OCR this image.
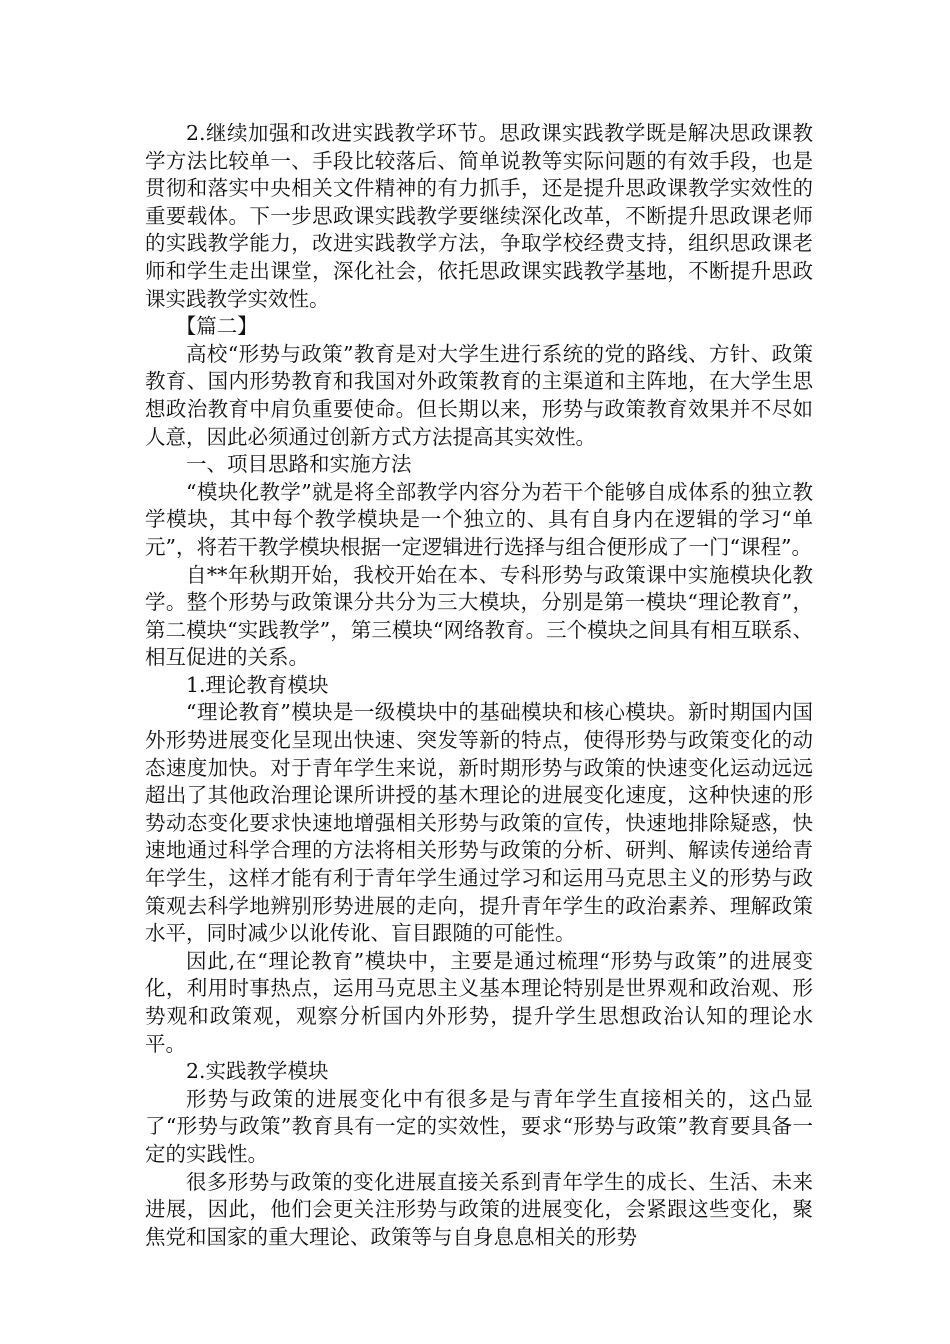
2.继续加强和改进实践教学环节。思政课实践教学既是解决思政课教学方法比较单一、手段比较落后、简单说教等实际问题的有效手段，也是贯彻和落实中央相关文件精神的有力抓手，还是提升思政课教学实效性的重要载体。下一步思政课实践教学要继续深化改革，不断提升思政课老师的实践教学能力，改进实践教学方法，争取学校经费支持，组织思政课老师和学生走出课堂，深化社会，依托思政课实践教学基地，不断提升思政课实践教学实效性。

【篇二】

高校“形势与政策”教育是对大学生进行系统的党的路线、方针、政策教育、国内形势教育和我国对外政策教育的主渠道和主阵地，在大学生思想政治教育中肩负重要使命。但长期以来，形势与政策教育效果并不尽如人意，因此必须通过创新方式方法提高其实效性。

一、项目思路和实施方法

“模块化教学”就是将全部教学内容分为若干个能够自成体系的独立教学模块，其中每个教学模块是一个独立的、具有自身内在逻辑的学习“单元”，将若干教学模块根据一定逻辑进行选择与组合便形成了一门“课程”。

自**年秋期开始，我校开始在本、专科形势与政策课中实施模块化教学。整个形势与政策课分共分为三大模块，分别是第一模块“理论教育”，第二模块“实践教学”，第三模块“网络教育。三个模块之间具有相互联系、相互促进的关系。

1.理论教育模块

“理论教育”模块是一级模块中的基础模块和核心模块。新时期国内国外形势进展变化呈现出快速、突发等新的特点，使得形势与政策变化的动态速度加快。对于青年学生来说，新时期形势与政策的快速变化运动远远超出了其他政治理论课所讲授的基木理论的进展变化速度，这种快速的形势动态变化要求快速地增强相关形势与政策的宣传，快速地排除疑惑，快速地通过科学合理的方法将相关形势与政策的分析、研判、解读传递给青年学生，这样才能有利于青年学生通过学习和运用马克思主义的形势与政策观去科学地辨别形势进展的走向，提升青年学生的政治素养、理解政策水平，同时减少以讹传讹、盲目跟随的可能性。

因此,在“理论教育”模块中，主要是通过梳理“形势与政策”的进展变化，利用时事热点，运用马克思主义基本理论特别是世界观和政治观、形势观和政策观，观察分析国内外形势，提升学生思想政治认知的理论水平。

2.实践教学模块

形势与政策的进展变化中有很多是与青年学生直接相关的，这凸显了“形势与政策”教育具有一定的实效性，要求“形势与政策”教育要具备一定的实践性。

很多形势与政策的变化进展直接关系到青年学生的成长、生活、未来进展，因此，他们会更关注形势与政策的进展变化，会紧跟这些变化，聚焦党和国家的重大理论、政策等与自身息息相关的形势
